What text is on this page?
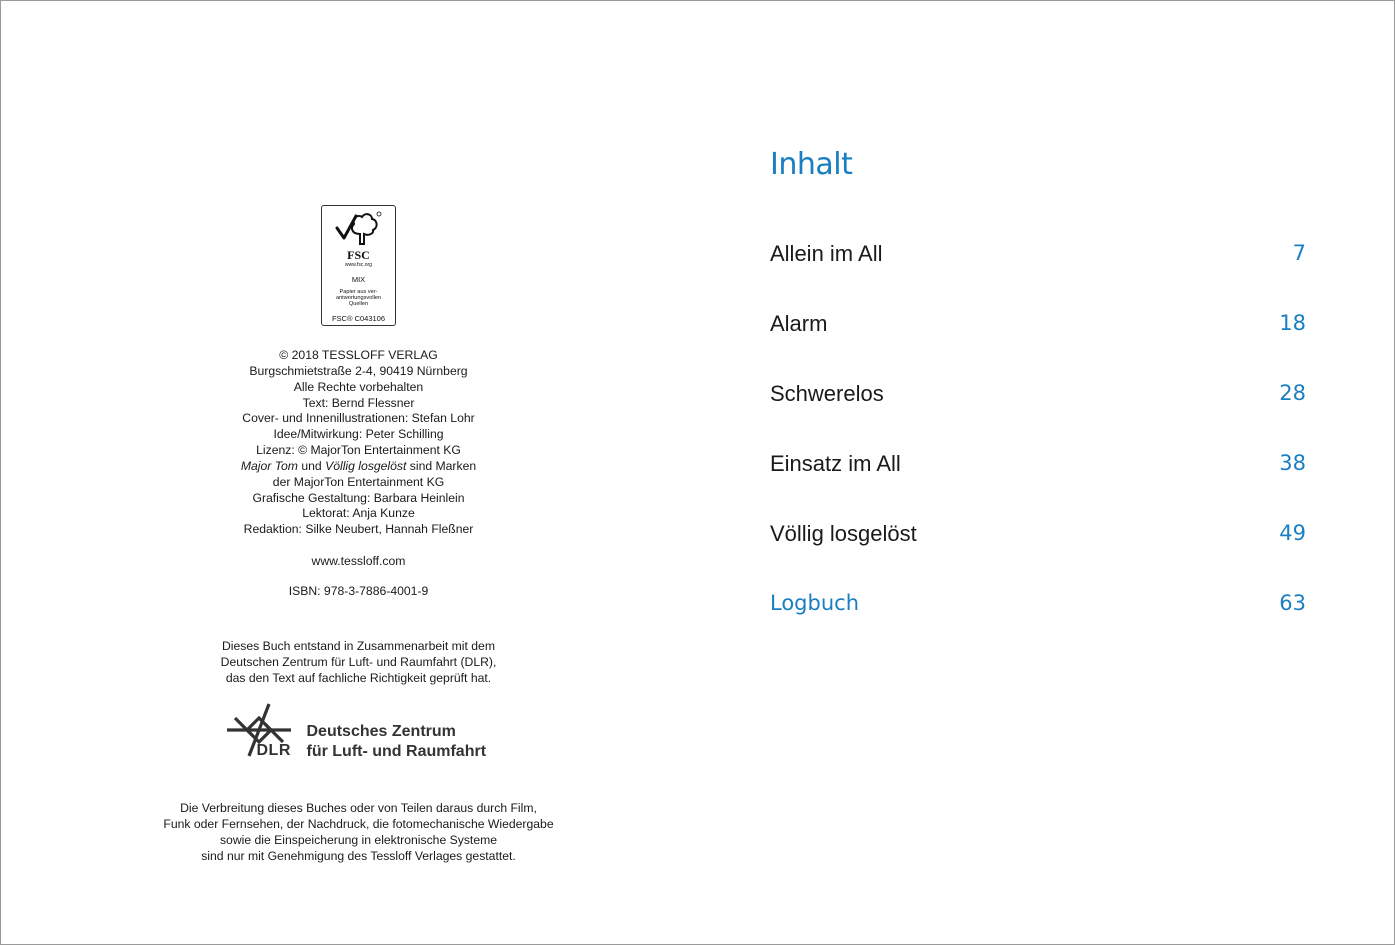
FSC
www.fsc.org
MIX
Papier aus ver-
antwortungsvollen
Quellen
FSC® C043106
© 2018 TESSLOFF VERLAG
Burgschmietstraße 2-4, 90419 Nürnberg
Alle Rechte vorbehalten
Text: Bernd Flessner
Cover- und Innenillustrationen: Stefan Lohr
Idee/Mitwirkung: Peter Schilling
Lizenz: © MajorTon Entertainment KG
Major Tom und Völlig losgelöst sind Marken
der MajorTon Entertainment KG
Grafische Gestaltung: Barbara Heinlein
Lektorat: Anja Kunze
Redaktion: Silke Neubert, Hannah Fleßner
www.tessloff.com
ISBN: 978-3-7886-4001-9
Dieses Buch entstand in Zusammenarbeit mit dem
Deutschen Zentrum für Luft- und Raumfahrt (DLR),
das den Text auf fachliche Richtigkeit geprüft hat.
DLR
Deutsches Zentrum
für Luft- und Raumfahrt
Die Verbreitung dieses Buches oder von Teilen daraus durch Film,
Funk oder Fernsehen, der Nachdruck, die fotomechanische Wiedergabe
sowie die Einspeicherung in elektronische Systeme
sind nur mit Genehmigung des Tessloff Verlages gestattet.
Inhalt
Allein im All	7
Alarm	18
Schwerelos	28
Einsatz im All	38
Völlig losgelöst	49
Logbuch	63
